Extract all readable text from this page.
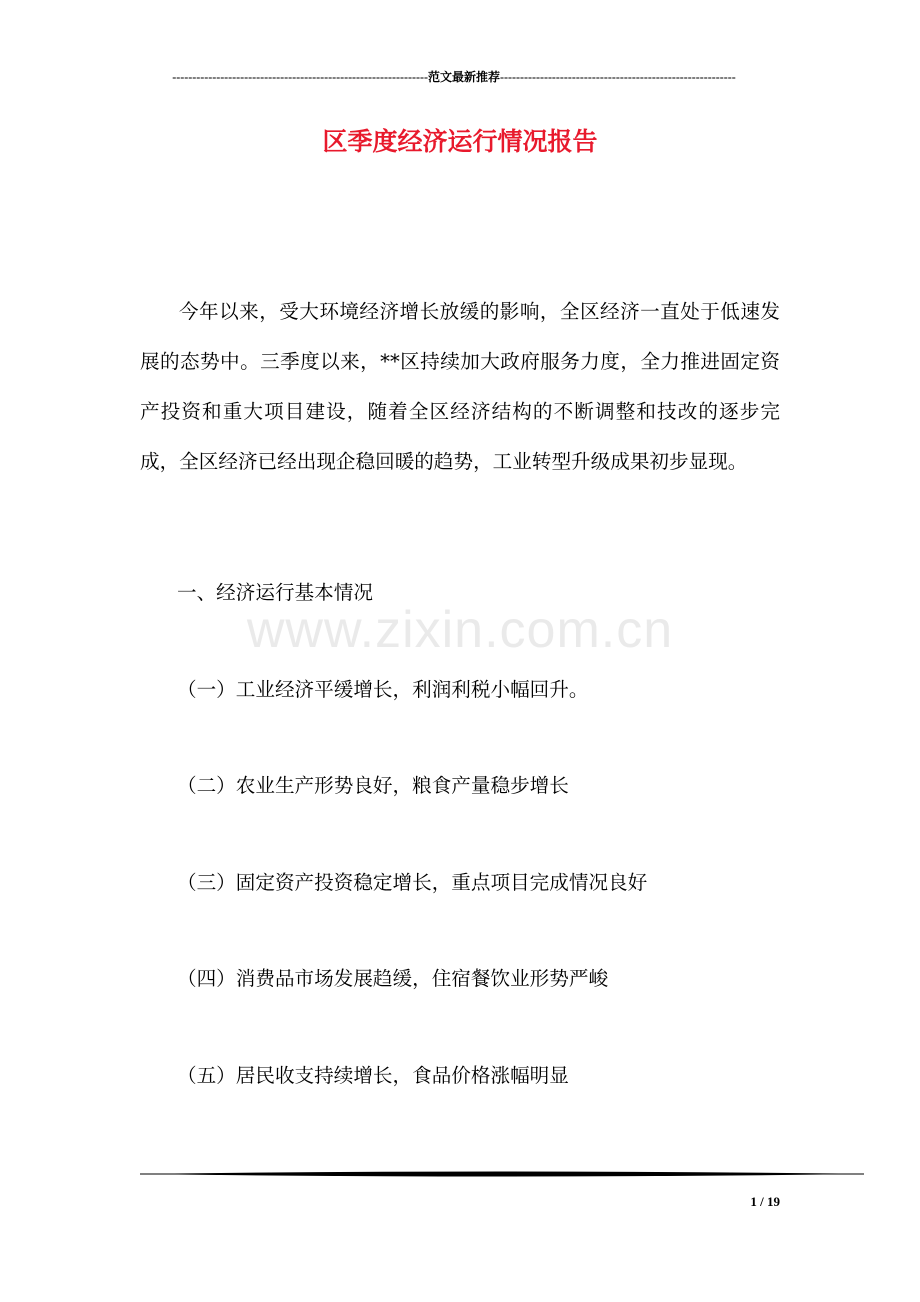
----------------------------------------------------------------范文最新推荐-----------------------------------------------------------
区季度经济运行情况报告
今年以来，受大环境经济增长放缓的影响，全区经济一直处于低速发展的态势中。三季度以来，**区持续加大政府服务力度，全力推进固定资产投资和重大项目建设，随着全区经济结构的不断调整和技改的逐步完成，全区经济已经出现企稳回暖的趋势，工业转型升级成果初步显现。
一、经济运行基本情况
（一）工业经济平缓增长，利润利税小幅回升。
（二）农业生产形势良好，粮食产量稳步增长
（三）固定资产投资稳定增长，重点项目完成情况良好
（四）消费品市场发展趋缓，住宿餐饮业形势严峻
（五）居民收支持续增长，食品价格涨幅明显
www.zixin.com.cn
1 / 19
